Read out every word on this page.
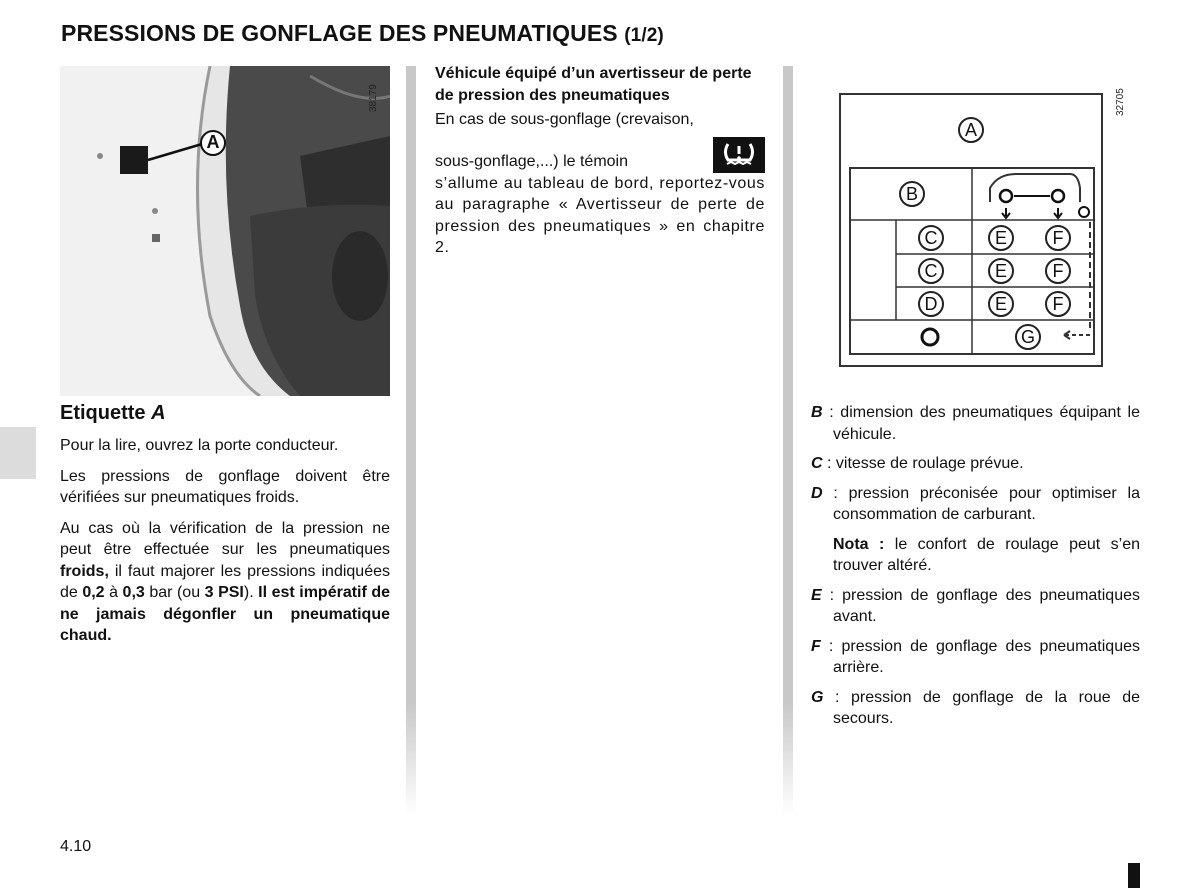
PRESSIONS DE GONFLAGE DES PNEUMATIQUES (1/2)
A
38179
Etiquette A

Pour la lire, ouvrez la porte conducteur.

Les pressions de gonflage doivent être vérifiées sur pneumatiques froids.

Au cas où la vérification de la pression ne peut être effectuée sur les pneumatiques froids, il faut majorer les pressions indiquées de 0,2 à 0,3 bar (ou 3 PSI). Il est impératif de ne jamais dégonfler un pneumatique chaud.

Véhicule équipé d’un avertisseur de perte de pression des pneumatiques
En cas de sous-gonflage (crevaison,
sous-gonflage,...) le témoin
s’allume au tableau de bord, reportez-vous au paragraphe « Avertisseur de perte de pression des pneumatiques » en chapitre 2.
A
B
C	E	F
C	E	F
D	E	F
G
32705
B : dimension des pneumatiques équipant le véhicule.
C : vitesse de roulage prévue.
D : pression préconisée pour optimiser la consommation de carburant.
Nota : le confort de roulage peut s’en trouver altéré.
E : pression de gonflage des pneumatiques avant.
F : pression de gonflage des pneumatiques arrière.
G : pression de gonflage de la roue de secours.
4.10
